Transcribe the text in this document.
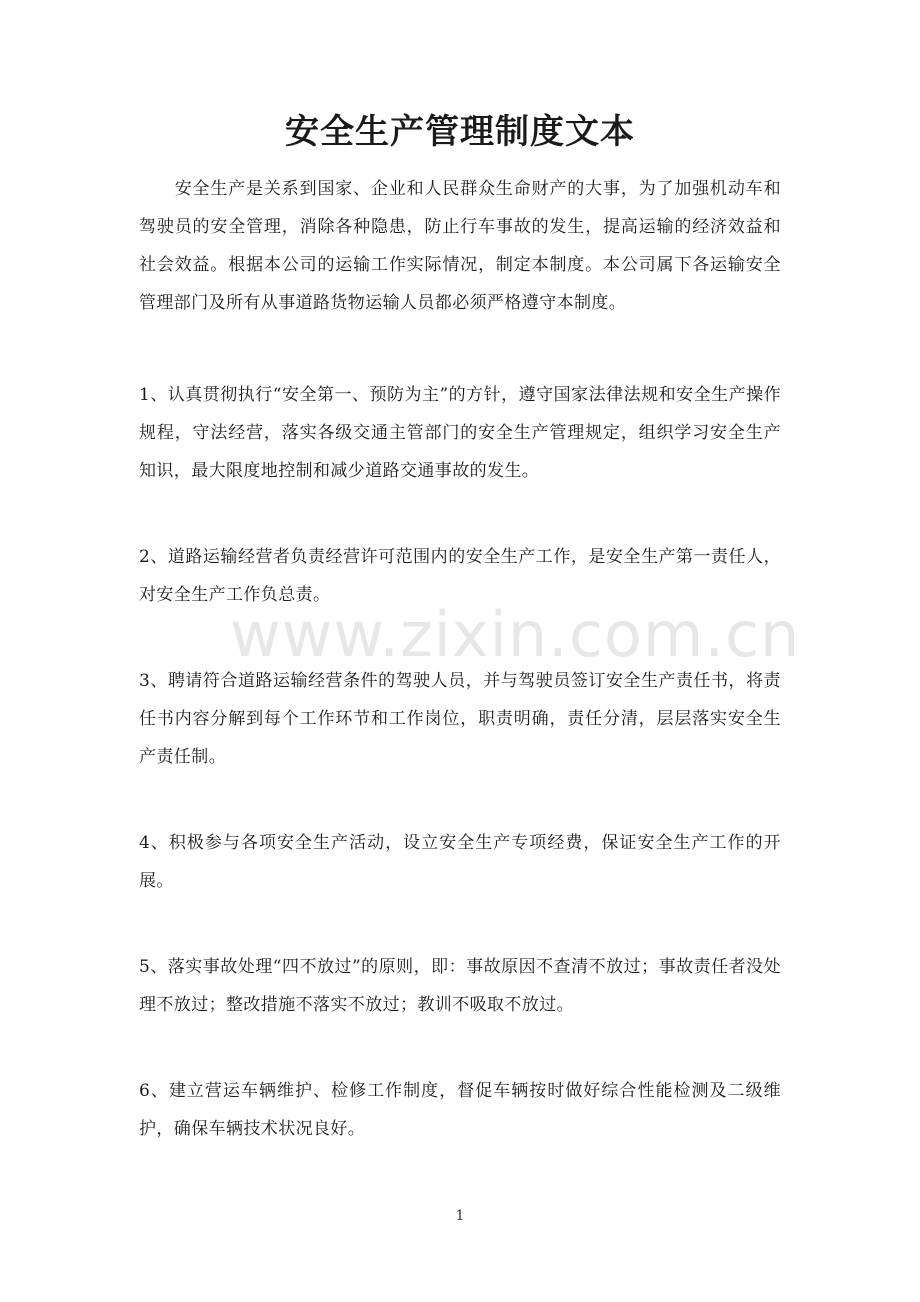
安全生产管理制度文本

安全生产是关系到国家、企业和人民群众生命财产的大事，为了加强机动车和驾驶员的安全管理，消除各种隐患，防止行车事故的发生，提高运输的经济效益和社会效益。根据本公司的运输工作实际情况，制定本制度。本公司属下各运输安全管理部门及所有从事道路货物运输人员都必须严格遵守本制度。

1、认真贯彻执行“安全第一、预防为主”的方针，遵守国家法律法规和安全生产操作规程，守法经营，落实各级交通主管部门的安全生产管理规定，组织学习安全生产知识，最大限度地控制和减少道路交通事故的发生。

2、道路运输经营者负责经营许可范围内的安全生产工作，是安全生产第一责任人，对安全生产工作负总责。

3、聘请符合道路运输经营条件的驾驶人员，并与驾驶员签订安全生产责任书，将责任书内容分解到每个工作环节和工作岗位，职责明确，责任分清，层层落实安全生产责任制。

4、积极参与各项安全生产活动，设立安全生产专项经费，保证安全生产工作的开展。

5、落实事故处理“四不放过”的原则，即：事故原因不查清不放过；事故责任者没处理不放过；整改措施不落实不放过；教训不吸取不放过。

6、建立营运车辆维护、检修工作制度，督促车辆按时做好综合性能检测及二级维护，确保车辆技术状况良好。

www.zixin.com.cn
1
